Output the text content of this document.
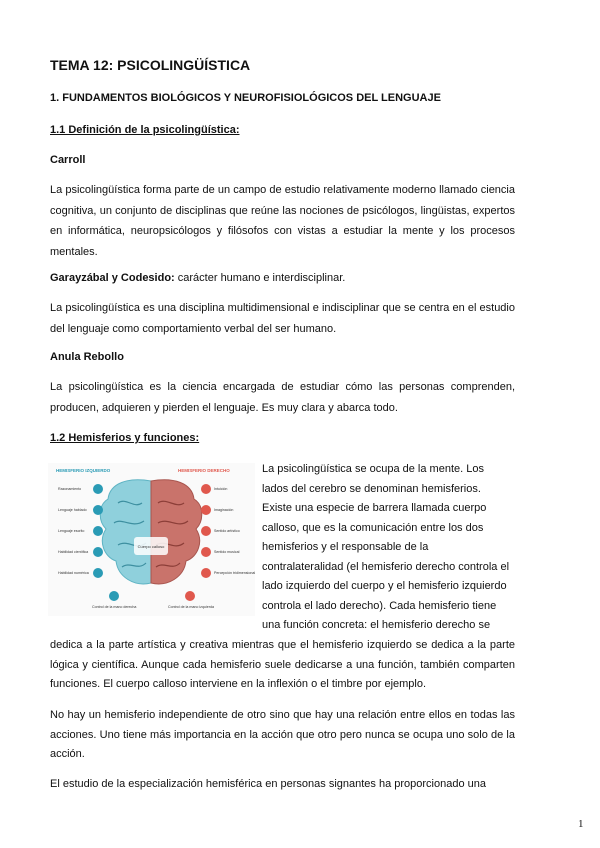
TEMA 12: PSICOLINGÜÍSTICA
1. FUNDAMENTOS BIOLÓGICOS Y NEUROFISIOLÓGICOS DEL LENGUAJE
1.1 Definición de la psicolingüística:
Carroll
La psicolingüística forma parte de un campo de estudio relativamente moderno llamado ciencia cognitiva, un conjunto de disciplinas que reúne las nociones de psicólogos, lingüistas, expertos en informática, neuropsicólogos y filósofos con vistas a estudiar la mente y los procesos mentales.
Garayzábal y Codesido: carácter humano e interdisciplinar.
La psicolingüística es una disciplina multidimensional e indisciplinar que se centra en el estudio del lenguaje como comportamiento verbal del ser humano.
Anula Rebollo
La psicolingüística es la ciencia encargada de estudiar cómo las personas comprenden, producen, adquieren y pierden el lenguaje. Es muy clara y abarca todo.
1.2 Hemisferios y funciones:
HEMISFERIO IZQUIERDO	HEMISFERIO DERECHO
Cuerpo calloso
Razonamiento
Lenguaje hablado
Lenguaje escrito
Habilidad científica
Habilidad numérica
Control de la mano derecha
Intuición
Imaginación
Sentido artístico
Sentido musical
Percepción tridimensional
Control de la mano izquierda
La psicolingüística se ocupa de la mente. Los
lados del cerebro se denominan hemisferios.
Existe una especie de barrera llamada cuerpo
calloso, que es la comunicación entre los dos
hemisferios y el responsable de la
contralateralidad (el hemisferio derecho controla el
lado izquierdo del cuerpo y el hemisferio izquierdo
controla el lado derecho). Cada hemisferio tiene
una función concreta: el hemisferio derecho se
dedica a la parte artística y creativa mientras que el hemisferio izquierdo se dedica a la parte lógica y científica. Aunque cada hemisferio suele dedicarse a una función, también comparten funciones. El cuerpo calloso interviene en la inflexión o el timbre por ejemplo.
No hay un hemisferio independiente de otro sino que hay una relación entre ellos en todas las acciones. Uno tiene más importancia en la acción que otro pero nunca se ocupa uno solo de la acción.
El estudio de la especialización hemisférica en personas signantes ha proporcionado una
1
